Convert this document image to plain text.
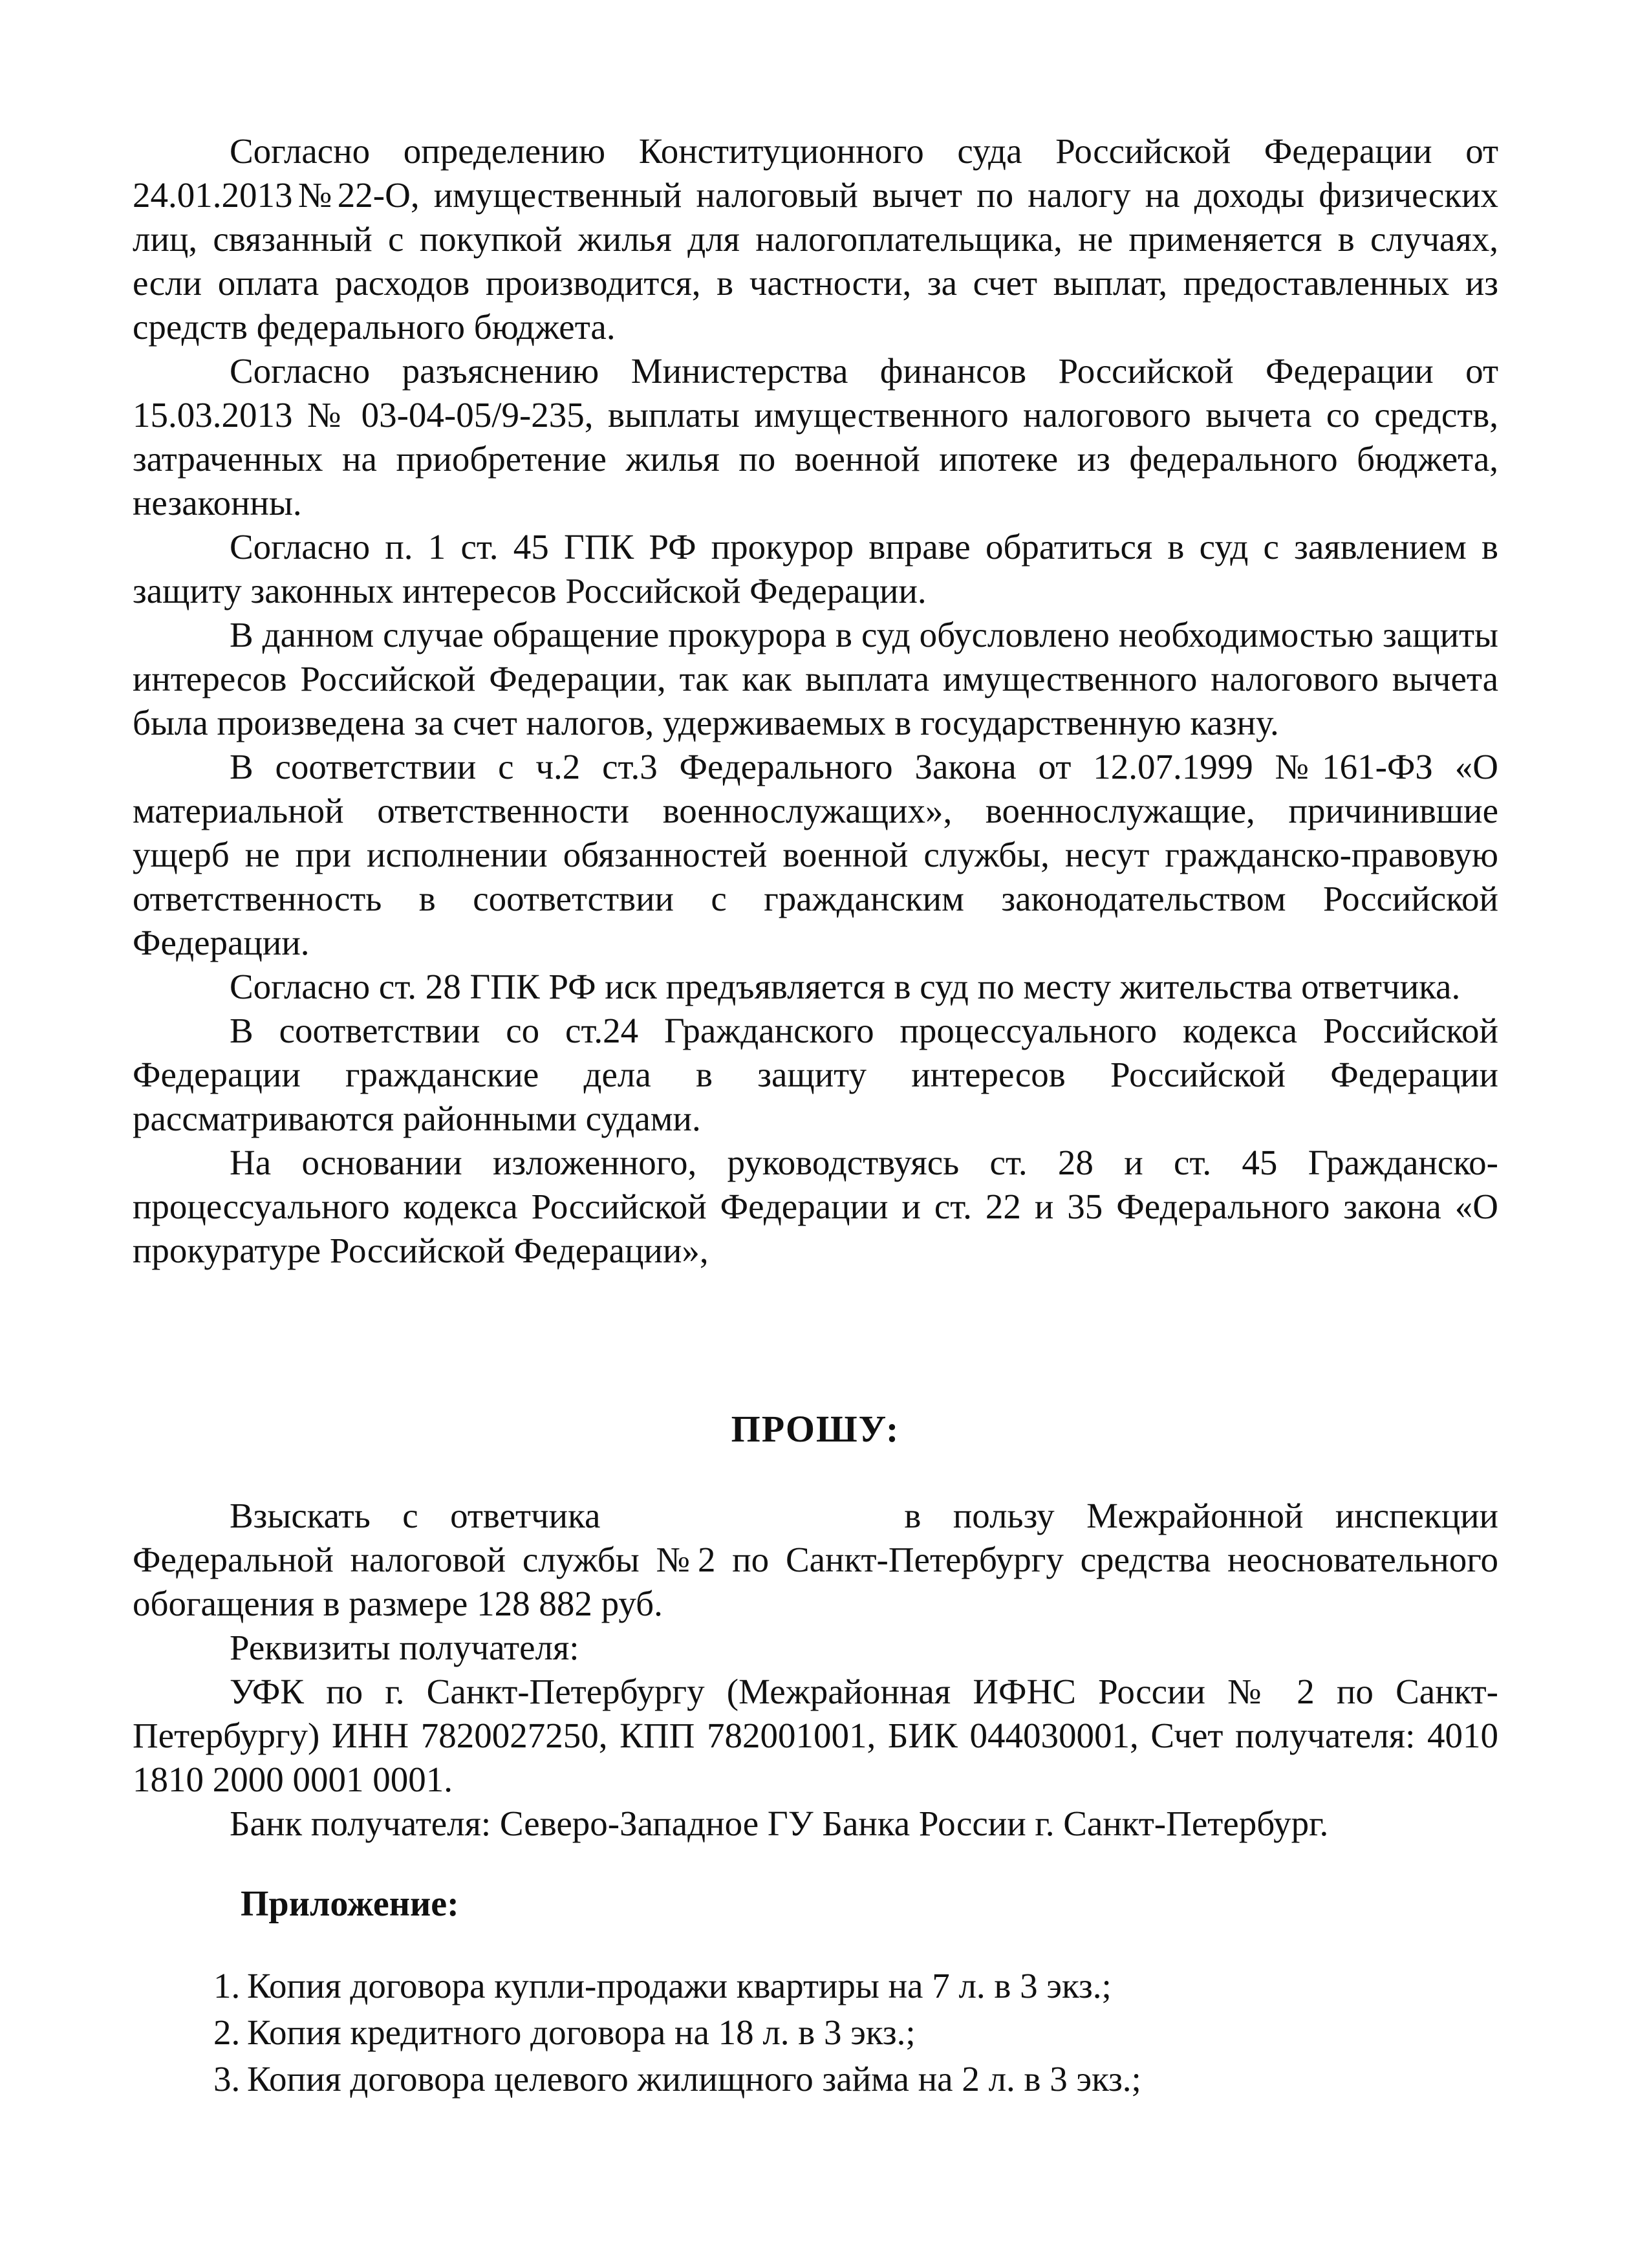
Согласно определению Конституционного суда Российской Федерации от 24.01.2013№22-О, имущественный налоговый вычет по налогу на доходы физических лиц, связанный с покупкой жилья для налогоплательщика, не применяется в случаях, если оплата расходов производится, в частности, за счет выплат, предоставленных из средств федерального бюджета.

Согласно разъяснению Министерства финансов Российской Федерации от 15.03.2013 № 03-04-05/9-235, выплаты имущественного налогового вычета со средств, затраченных на приобретение жилья по военной ипотеке из федерального бюджета, незаконны.

Согласно п. 1 ст. 45 ГПК РФ прокурор вправе обратиться в суд с заявлением в защиту законных интересов Российской Федерации.

В данном случае обращение прокурора в суд обусловлено необходимостью защиты интересов Российской Федерации, так как выплата имущественного налогового вычета была произведена за счет налогов, удерживаемых в государственную казну.

В соответствии с ч.2 ст.3 Федерального Закона от 12.07.1999 №161-ФЗ «О материальной ответственности военнослужащих», военнослужащие, причинившие ущерб не при исполнении обязанностей военной службы, несут гражданско-правовую ответственность в соответствии с гражданским законодательством Российской Федерации.

Согласно ст. 28 ГПК РФ иск предъявляется в суд по месту жительства ответчика.

В соответствии со ст.24 Гражданского процессуального кодекса Российской Федерации гражданские дела в защиту интересов Российской Федерации рассматриваются районными судами.

На основании изложенного, руководствуясь ст. 28 и ст. 45 Гражданско-процессуального кодекса Российской Федерации и ст. 22 и 35 Федерального закона «О прокуратуре Российской Федерации»,

ПРОШУ:

Взыскать с ответчика	в пользу Межрайонной инспекции Федеральной налоговой службы №2 по Санкт-Петербургу средства неосновательного обогащения в размере 128 882 руб.

Реквизиты получателя:

УФК по г. Санкт-Петербургу (Межрайонная ИФНС России № 2 по Санкт-Петербургу) ИНН 7820027250, КПП 782001001, БИК 044030001, Счет получателя: 4010 1810 2000 0001 0001.

Банк получателя: Северо-Западное ГУ Банка России г. Санкт-Петербург.

Приложение:
1. Копия договора купли-продажи квартиры на 7 л. в 3 экз.;
2. Копия кредитного договора на 18 л. в 3 экз.;
3. Копия договора целевого жилищного займа на 2 л. в 3 экз.;
